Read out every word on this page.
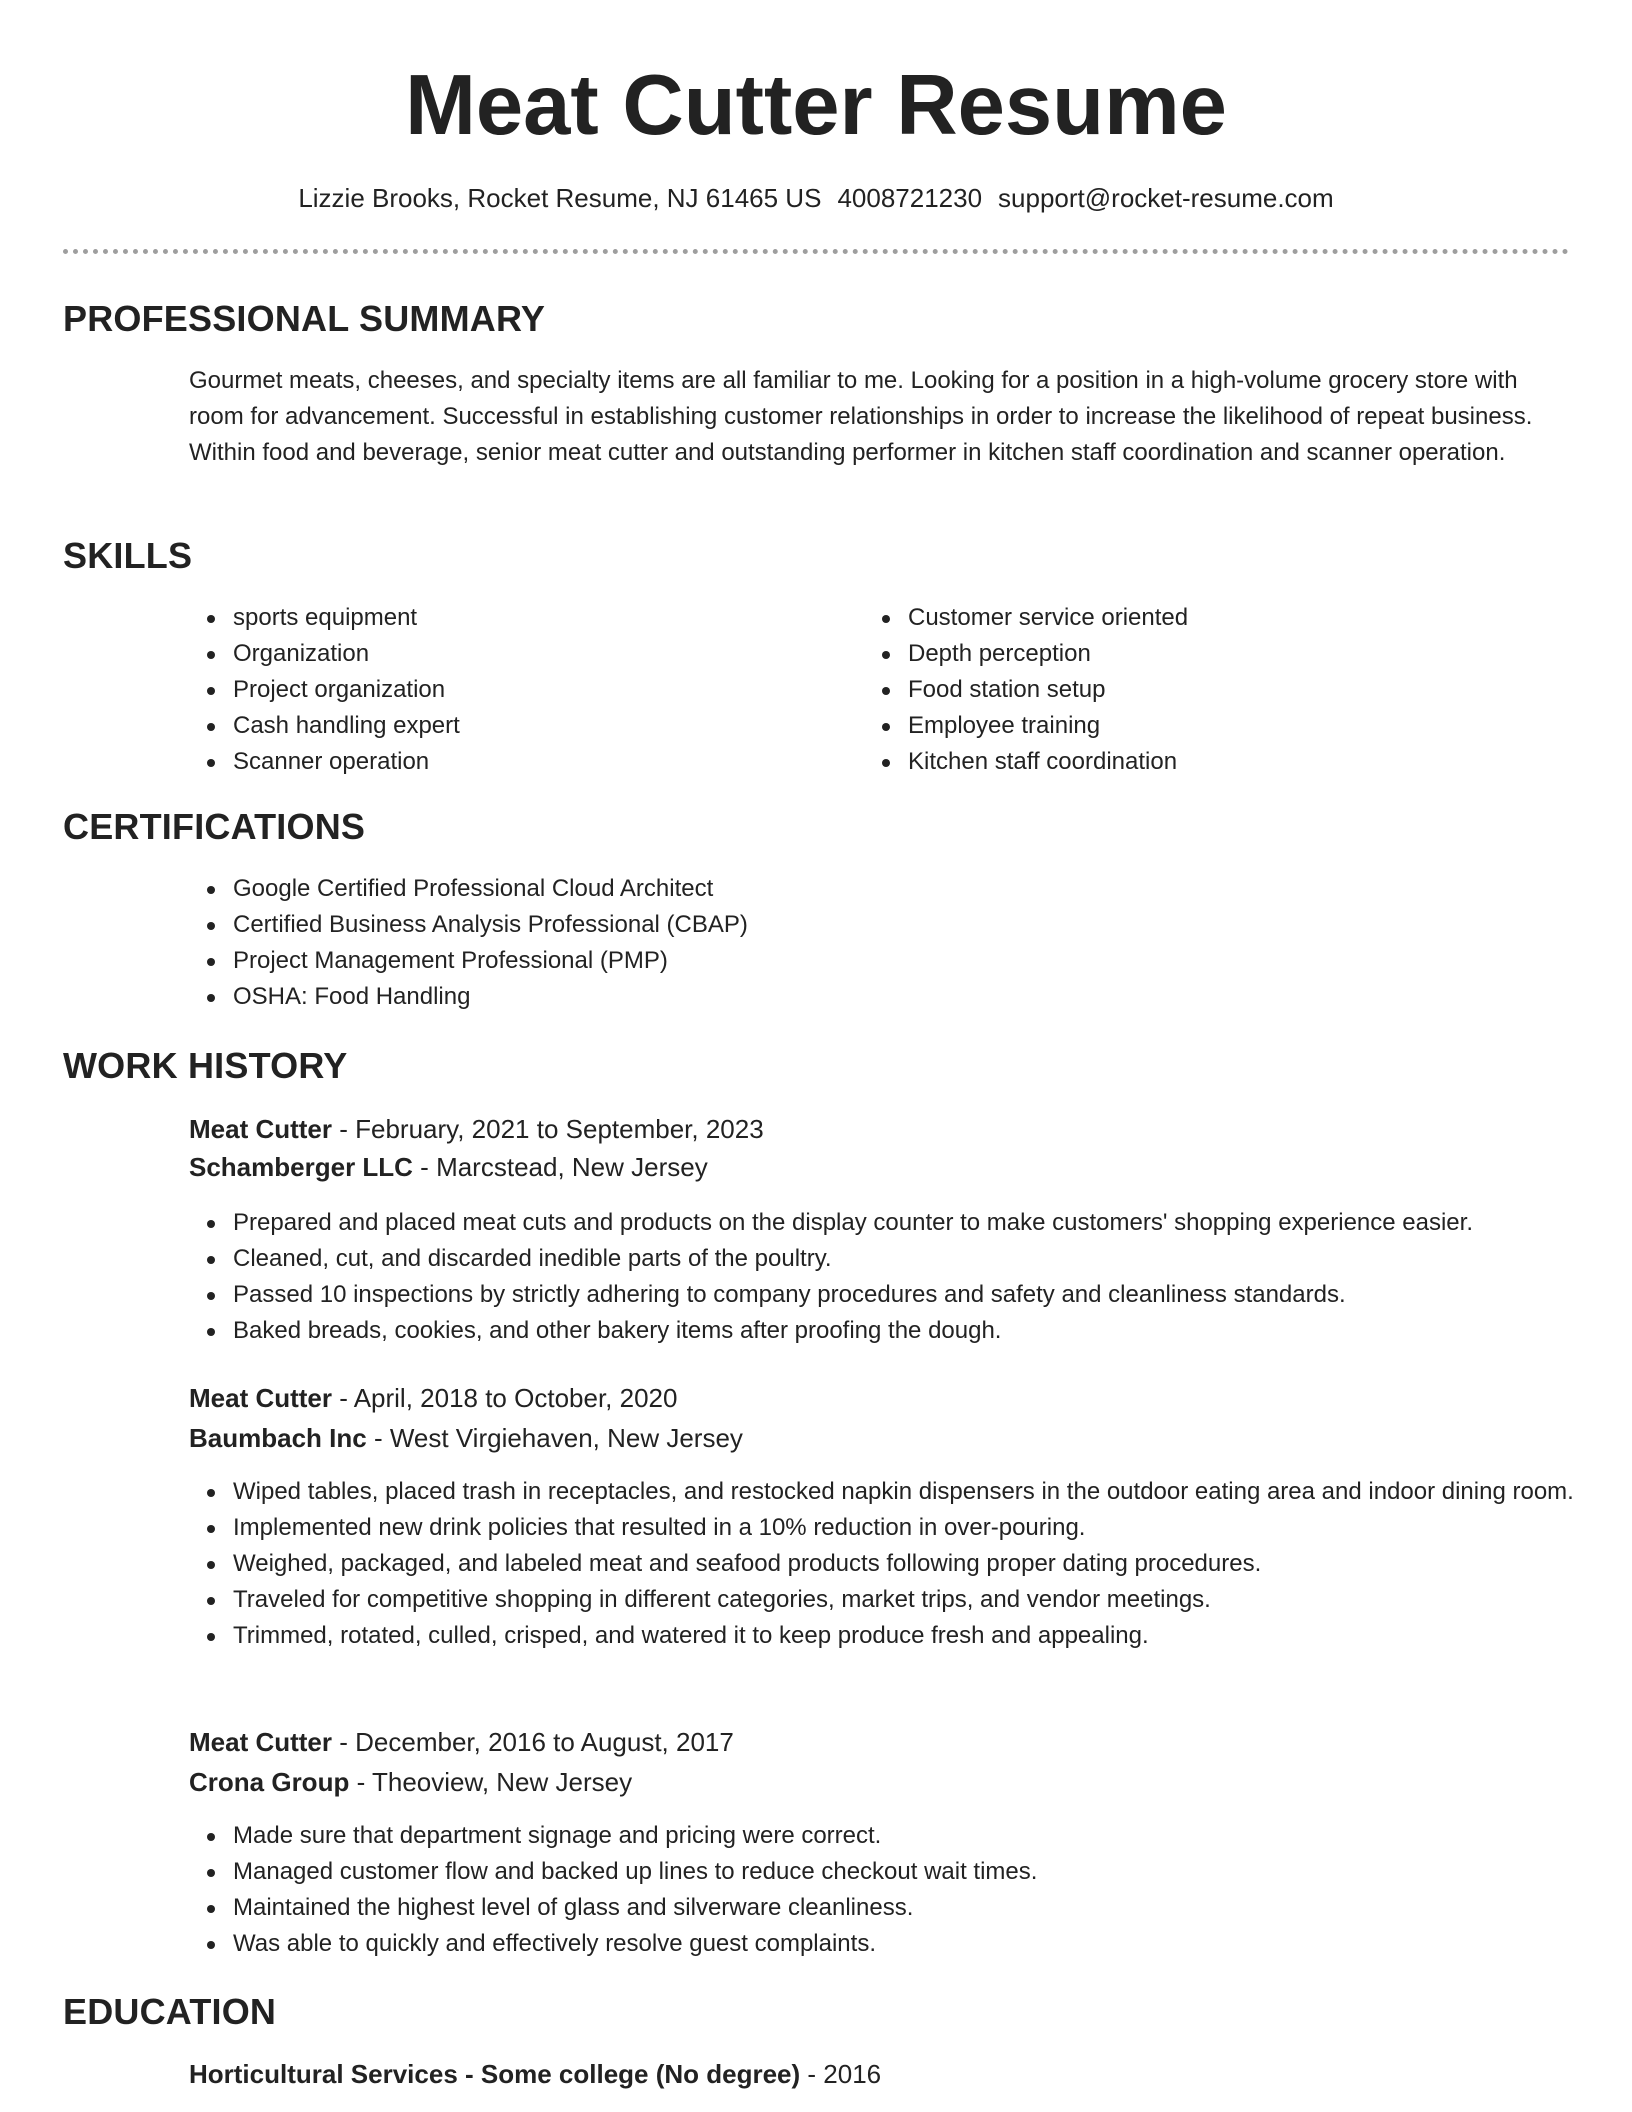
Meat Cutter Resume
Lizzie Brooks, Rocket Resume, NJ 61465 US 4008721230 support@rocket-resume.com
PROFESSIONAL SUMMARY

Gourmet meats, cheeses, and specialty items are all familiar to me. Looking for a position in a high-volume grocery store with room for advancement. Successful in establishing customer relationships in order to increase the likelihood of repeat business. Within food and beverage, senior meat cutter and outstanding performer in kitchen staff coordination and scanner operation.

SKILLS
sports equipment
Organization
Project organization
Cash handling expert
Scanner operation
Customer service oriented
Depth perception
Food station setup
Employee training
Kitchen staff coordination
CERTIFICATIONS
Google Certified Professional Cloud Architect
Certified Business Analysis Professional (CBAP)
Project Management Professional (PMP)
OSHA: Food Handling
WORK HISTORY

Meat Cutter - February, 2021 to September, 2023

Schamberger LLC - Marcstead, New Jersey

Prepared and placed meat cuts and products on the display counter to make customers' shopping experience easier.
Cleaned, cut, and discarded inedible parts of the poultry.
Passed 10 inspections by strictly adhering to company procedures and safety and cleanliness standards.
Baked breads, cookies, and other bakery items after proofing the dough.

Meat Cutter - April, 2018 to October, 2020

Baumbach Inc - West Virgiehaven, New Jersey

Wiped tables, placed trash in receptacles, and restocked napkin dispensers in the outdoor eating area and indoor dining room.
Implemented new drink policies that resulted in a 10% reduction in over-pouring.
Weighed, packaged, and labeled meat and seafood products following proper dating procedures.
Traveled for competitive shopping in different categories, market trips, and vendor meetings.
Trimmed, rotated, culled, crisped, and watered it to keep produce fresh and appealing.

Meat Cutter - December, 2016 to August, 2017

Crona Group - Theoview, New Jersey

Made sure that department signage and pricing were correct.
Managed customer flow and backed up lines to reduce checkout wait times.
Maintained the highest level of glass and silverware cleanliness.
Was able to quickly and effectively resolve guest complaints.
EDUCATION

Horticultural Services - Some college (No degree) - 2016
